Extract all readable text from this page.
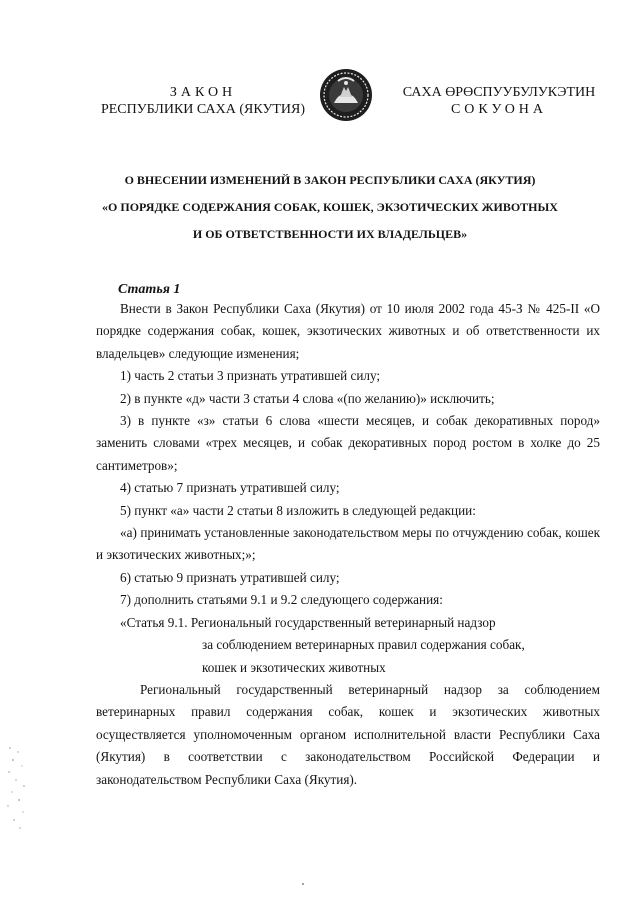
ЗАКОН
РЕСПУБЛИКИ САХА (ЯКУТИЯ)
САХА ӨРӨСПУУБУЛУКЭТИН
СОКУОНА
О ВНЕСЕНИИ ИЗМЕНЕНИЙ В ЗАКОН РЕСПУБЛИКИ САХА (ЯКУТИЯ)
«О ПОРЯДКЕ СОДЕРЖАНИЯ СОБАК, КОШЕК, ЭКЗОТИЧЕСКИХ ЖИВОТНЫХ
И ОБ ОТВЕТСТВЕННОСТИ ИХ ВЛАДЕЛЬЦЕВ»
Статья 1

Внести в Закон Республики Саха (Якутия) от 10 июля 2002 года 45-З № 425-II «О порядке содержания собак, кошек, экзотических животных и об ответственности их владельцев» следующие изменения;

1) часть 2 статьи 3 признать утратившей силу;

2) в пункте «д» части 3 статьи 4 слова «(по желанию)» исключить;

3) в пункте «з» статьи 6 слова «шести месяцев, и собак декоративных пород» заменить словами «трех месяцев, и собак декоративных пород ростом в холке до 25 сантиметров»;

4) статью 7 признать утратившей силу;

5) пункт «а» части 2 статьи 8 изложить в следующей редакции:

«а) принимать установленные законодательством меры по отчуждению собак, кошек и экзотических животных;»;

6) статью 9 признать утратившей силу;

7) дополнить статьями 9.1 и 9.2 следующего содержания:

«Статья 9.1. Региональный государственный ветеринарный надзор

за соблюдением ветеринарных правил содержания собак,

кошек и экзотических животных

Региональный государственный ветеринарный надзор за соблюдением ветеринарных правил содержания собак, кошек и экзотических животных осуществляется уполномоченным органом исполнительной власти Республики Саха (Якутия) в соответствии с законодательством Российской Федерации и законодательством Республики Саха (Якутия).
